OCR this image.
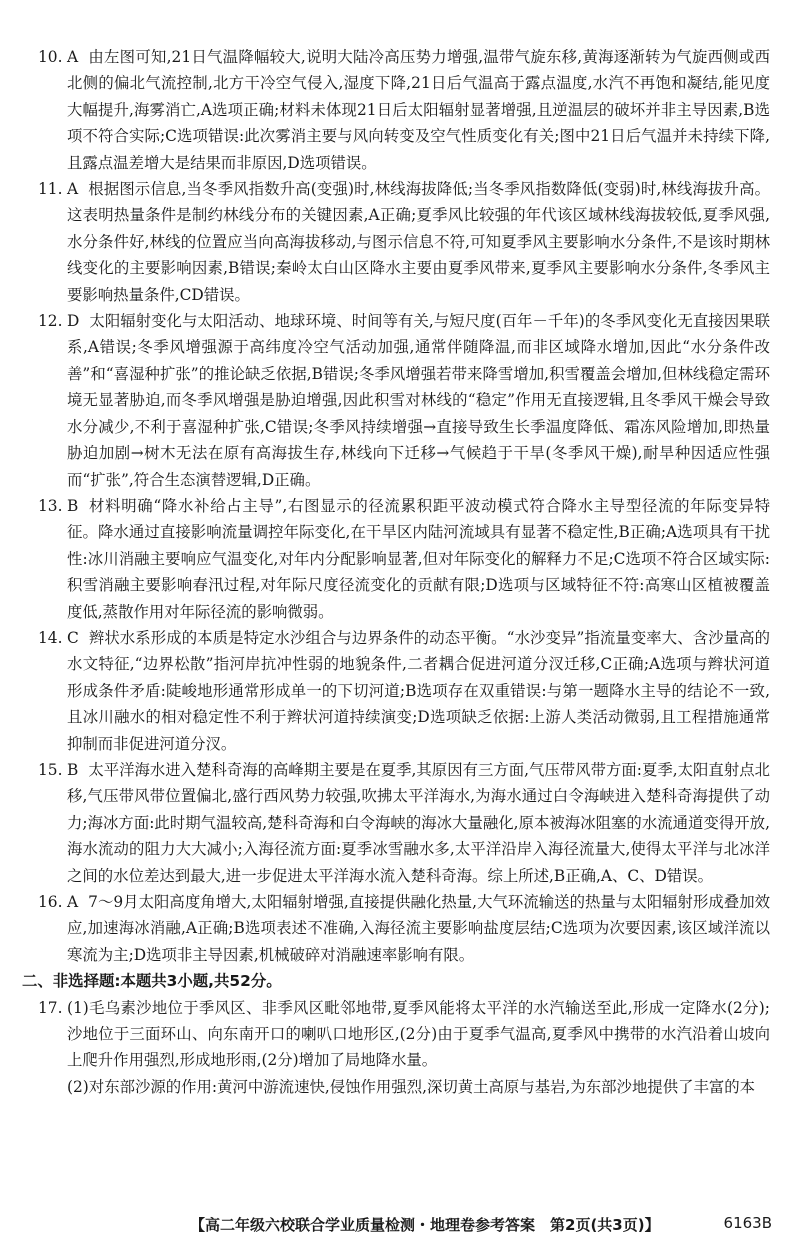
10. A 由左图可知,21日气温降幅较大,说明大陆冷高压势力增强,温带气旋东移,黄海逐渐转为气旋西侧或西北侧的偏北气流控制,北方干冷空气侵入,湿度下降,21日后气温高于露点温度,水汽不再饱和凝结,能见度大幅提升,海雾消亡,A选项正确;材料未体现21日后太阳辐射显著增强,且逆温层的破坏并非主导因素,B选项不符合实际;C选项错误:此次雾消主要与风向转变及空气性质变化有关;图中21日后气温并未持续下降,且露点温差增大是结果而非原因,D选项错误。
11. A 根据图示信息,当冬季风指数升高(变强)时,林线海拔降低;当冬季风指数降低(变弱)时,林线海拔升高。这表明热量条件是制约林线分布的关键因素,A正确;夏季风比较强的年代该区域林线海拔较低,夏季风强,水分条件好,林线的位置应当向高海拔移动,与图示信息不符,可知夏季风主要影响水分条件,不是该时期林线变化的主要影响因素,B错误;秦岭太白山区降水主要由夏季风带来,夏季风主要影响水分条件,冬季风主要影响热量条件,CD错误。
12. D 太阳辐射变化与太阳活动、地球环境、时间等有关,与短尺度(百年－千年)的冬季风变化无直接因果联系,A错误;冬季风增强源于高纬度冷空气活动加强,通常伴随降温,而非区域降水增加,因此“水分条件改善”和“喜湿种扩张”的推论缺乏依据,B错误;冬季风增强若带来降雪增加,积雪覆盖会增加,但林线稳定需环境无显著胁迫,而冬季风增强是胁迫增强,因此积雪对林线的“稳定”作用无直接逻辑,且冬季风干燥会导致水分减少,不利于喜湿种扩张,C错误;冬季风持续增强→直接导致生长季温度降低、霜冻风险增加,即热量胁迫加剧→树木无法在原有高海拔生存,林线向下迁移→气候趋于干旱(冬季风干燥),耐旱种因适应性强而“扩张”,符合生态演替逻辑,D正确。
13. B 材料明确“降水补给占主导”,右图显示的径流累积距平波动模式符合降水主导型径流的年际变异特征。降水通过直接影响流量调控年际变化,在干旱区内陆河流域具有显著不稳定性,B正确;A选项具有干扰性:冰川消融主要响应气温变化,对年内分配影响显著,但对年际变化的解释力不足;C选项不符合区域实际:积雪消融主要影响春汛过程,对年际尺度径流变化的贡献有限;D选项与区域特征不符:高寒山区植被覆盖度低,蒸散作用对年际径流的影响微弱。
14. C 辫状水系形成的本质是特定水沙组合与边界条件的动态平衡。“水沙变异”指流量变率大、含沙量高的水文特征,“边界松散”指河岸抗冲性弱的地貌条件,二者耦合促进河道分汊迁移,C正确;A选项与辫状河道形成条件矛盾:陡峻地形通常形成单一的下切河道;B选项存在双重错误:与第一题降水主导的结论不一致,且冰川融水的相对稳定性不利于辫状河道持续演变;D选项缺乏依据:上游人类活动微弱,且工程措施通常抑制而非促进河道分汊。
15. B 太平洋海水进入楚科奇海的高峰期主要是在夏季,其原因有三方面,气压带风带方面:夏季,太阳直射点北移,气压带风带位置偏北,盛行西风势力较强,吹拂太平洋海水,为海水通过白令海峡进入楚科奇海提供了动力;海冰方面:此时期气温较高,楚科奇海和白令海峡的海冰大量融化,原本被海冰阻塞的水流通道变得开放,海水流动的阻力大大减小;入海径流方面:夏季冰雪融水多,太平洋沿岸入海径流量大,使得太平洋与北冰洋之间的水位差达到最大,进一步促进太平洋海水流入楚科奇海。综上所述,B正确,A、C、D错误。
16. A 7～9月太阳高度角增大,太阳辐射增强,直接提供融化热量,大气环流输送的热量与太阳辐射形成叠加效应,加速海冰消融,A正确;B选项表述不准确,入海径流主要影响盐度层结;C选项为次要因素,该区域洋流以寒流为主;D选项非主导因素,机械破碎对消融速率影响有限。
二、非选择题:本题共3小题,共52分。
17. (1)毛乌素沙地位于季风区、非季风区毗邻地带,夏季风能将太平洋的水汽输送至此,形成一定降水(2分);沙地位于三面环山、向东南开口的喇叭口地形区,(2分)由于夏季气温高,夏季风中携带的水汽沿着山坡向上爬升作用强烈,形成地形雨,(2分)增加了局地降水量。
(2)对东部沙源的作用:黄河中游流速快,侵蚀作用强烈,深切黄土高原与基岩,为东部沙地提供了丰富的本
【高二年级六校联合学业质量检测・地理卷参考答案　第2页(共3页)】	6163B
